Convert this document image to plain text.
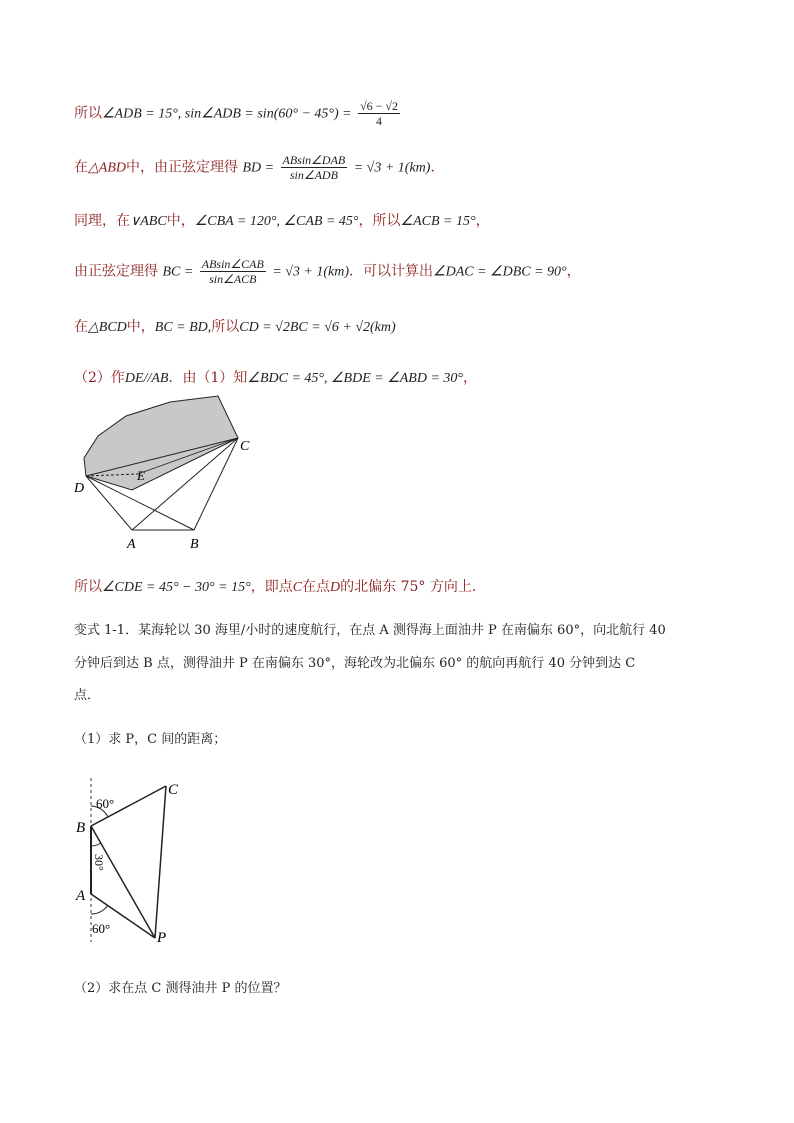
所以∠ADB = 15°, sin∠ADB = $\sin(60^\circ - 45^\circ) = \frac{√6 - √2}{4}$
在△ABD中，由正弦定理得 BD = $\frac{\text{ABsin∠DAB}}{\text{sin∠ADB}} = √3 + 1(km)$．
同理，在∨ABC中，∠CBA = 120°, ∠CAB = 45°，所以∠ACB = 15°，
由正弦定理得 BC = $\frac{\text{ABsin∠CAB}}{\text{sin∠ACB}} = √3 + 1(km)$．可以计算出∠DAC = ∠DBC = 90°，
在△BCD中，BC = BD,所以CD = √2BC = √6 + √2(km)
（2）作DE//AB．由（1）知∠BDC = 45°, ∠BDE = ∠ABD = 30°，
C
D
E
A	B
所以∠CDE = 45° − 30° = 15°，即点C在点D的北偏东 75° 方向上．
变式 1-1．某海轮以 30 海里/小时的速度航行，在点 A 测得海上面油井 P 在南偏东 60°，向北航行 40
分钟后到达 B 点，测得油井 P 在南偏东 30°，海轮改为北偏东 60° 的航向再航行 40 分钟到达 C
点．
（1）求 P，C 间的距离；
60°
30°
60°
C
B
A
P
（2）求在点 C 测得油井 P 的位置？
